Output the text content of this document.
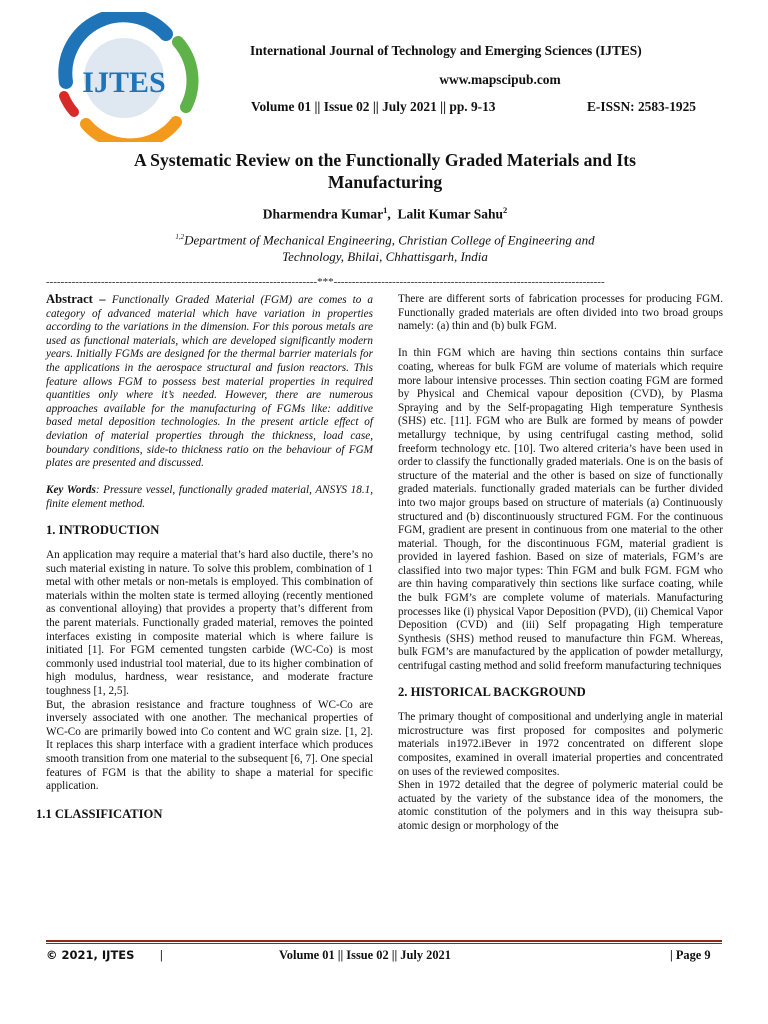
IJTES
International Journal of Technology and Emerging Sciences (IJTES)
www.mapscipub.com
Volume 01 || Issue 02 || July 2021 || pp. 9-13	E-ISSN: 2583-1925
A Systematic Review on the Functionally Graded Materials and Its
Manufacturing
Dharmendra Kumar$^1$,  Lalit Kumar Sahu$^2$
$^{1,2}$Department of Mechanical Engineering, Christian College of Engineering and
Technology, Bhilai, Chhattisgarh, India
--------------------------------------------------------------------------***--------------------------------------------------------------------------

Abstract – Functionally Graded Material (FGM) are comes to a category of advanced material which have variation in properties according to the variations in the dimension. For this porous metals are used as functional materials, which are developed significantly modern years. Initially FGMs are designed for the thermal barrier materials for the applications in the aerospace structural and fusion reactors. This feature allows FGM to possess best material properties in required quantities only where it’s needed. However, there are numerous approaches available for the manufacturing of FGMs like: additive based metal deposition technologies. In the present article effect of deviation of material properties through the thickness, load case, boundary conditions, side-to thickness ratio on the behaviour of FGM plates are presented and discussed.

Key Words: Pressure vessel, functionally graded material, ANSYS 18.1, finite element method.

1. INTRODUCTION

An application may require a material that’s hard also ductile, there’s no such material existing in nature. To solve this problem, combination of 1 metal with other metals or non-metals is employed. This combination of materials within the molten state is termed alloying (recently mentioned as conventional alloying) that provides a property that’s different from the parent materials. Functionally graded material, removes the pointed interfaces existing in composite material which is where failure is initiated [1]. For FGM cemented tungsten carbide (WC-Co) is most commonly used industrial tool material, due to its higher combination of high modulus, hardness, wear resistance, and moderate fracture toughness [1, 2,5].

But, the abrasion resistance and fracture toughness of WC-Co are inversely associated with one another. The mechanical properties of WC-Co are primarily bowed into Co content and WC grain size. [1, 2]. It replaces this sharp interface with a gradient interface which produces smooth transition from one material to the subsequent [6, 7]. One special features of FGM is that the ability to shape a material for specific application.

1.1 CLASSIFICATION

There are different sorts of fabrication processes for producing FGM. Functionally graded materials are often divided into two broad groups namely: (a) thin and (b) bulk FGM.

In thin FGM which are having thin sections contains thin surface coating, whereas for bulk FGM are volume of materials which require more labour intensive processes. Thin section coating FGM are formed by Physical and Chemical vapour deposition (CVD), by Plasma Spraying and by the Self-propagating High temperature Synthesis (SHS) etc. [11]. FGM who are Bulk are formed by means of powder metallurgy technique, by using centrifugal casting method, solid freeform technology etc. [10]. Two altered criteria’s have been used in order to classify the functionally graded materials. One is on the basis of structure of the material and the other is based on size of functionally graded materials. functionally graded materials can be further divided into two major groups based on structure of materials (a) Continuously structured and (b) discontinuously structured FGM. For the continuous FGM, gradient are present in continuous from one material to the other material. Though, for the discontinuous FGM, material gradient is provided in layered fashion. Based on size of materials, FGM’s are classified into two major types: Thin FGM and bulk FGM. FGM who are thin having comparatively thin sections like surface coating, while the bulk FGM’s are complete volume of materials. Manufacturing processes like (i) physical Vapor Deposition (PVD), (ii) Chemical Vapor Deposition (CVD) and (iii) Self propagating High temperature Synthesis (SHS) method reused to manufacture thin FGM. Whereas, bulk FGM’s are manufactured by the application of powder metallurgy, centrifugal casting method and solid freeform manufacturing techniques

2. HISTORICAL BACKGROUND

The primary thought of compositional and underlying angle in material microstructure was first proposed for composites and polymeric materials in1972.iBever in 1972 concentrated on different slope composites, examined in overall imaterial properties and concentrated on uses of the reviewed composites.

Shen in 1972 detailed that the degree of polymeric material could be actuated by the variety of the substance idea of the monomers, the atomic constitution of the polymers and in this way theisupra sub-atomic design or morphology of the

© 2021, IJTES |	Volume 01 || Issue 02 || July 2021	| Page 9
